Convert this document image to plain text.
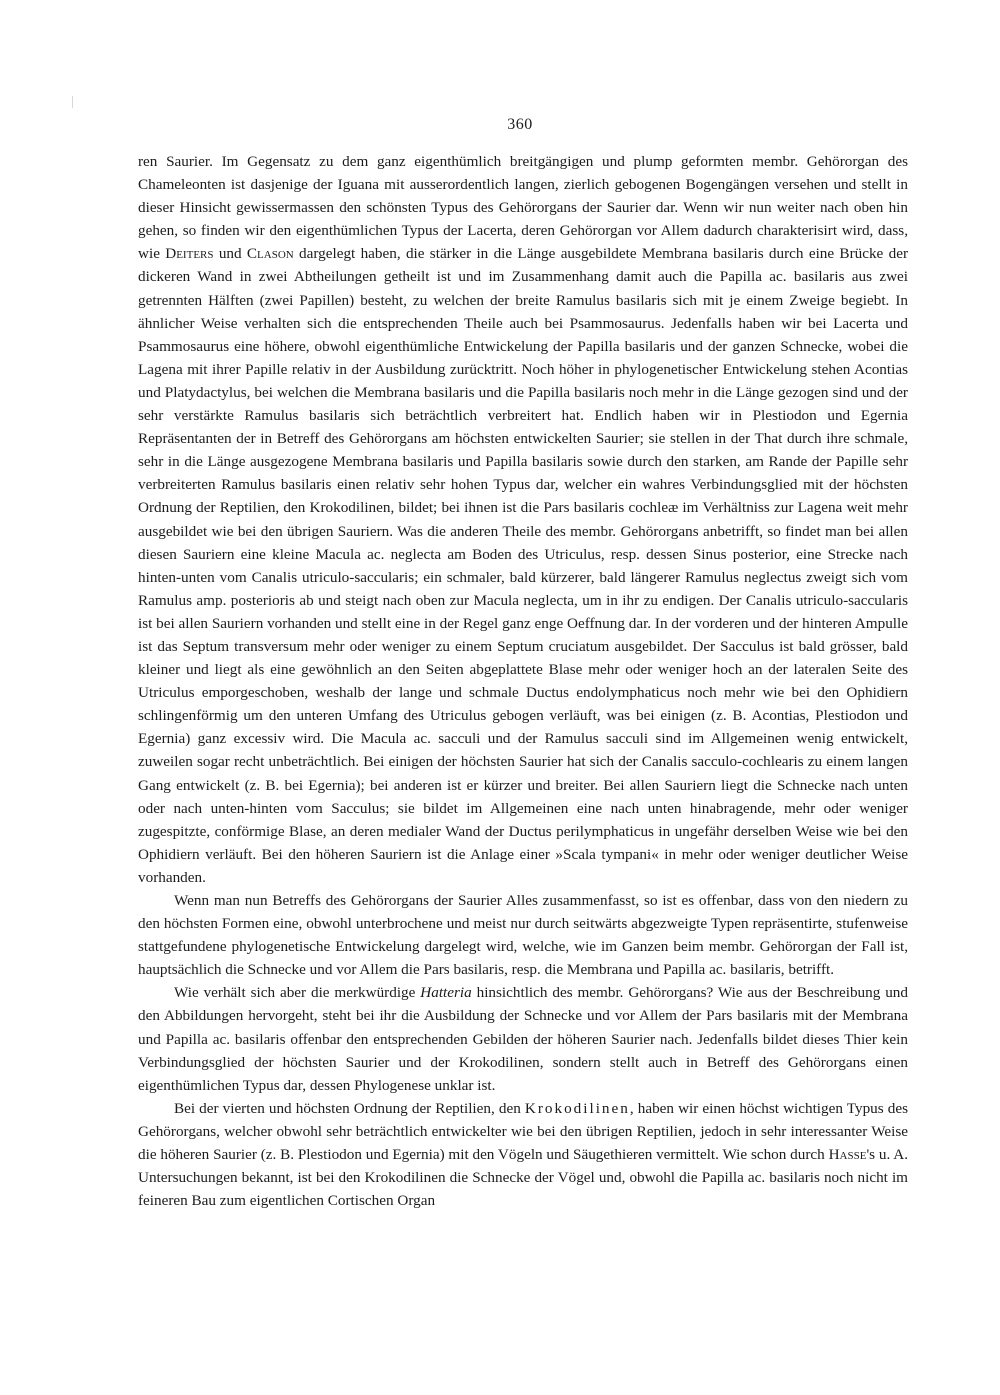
360

ren Saurier. Im Gegensatz zu dem ganz eigenthümlich breitgängigen und plump geformten membr. Gehörorgan des Chameleonten ist dasjenige der Iguana mit ausserordentlich langen, zierlich gebogenen Bogengängen versehen und stellt in dieser Hinsicht gewissermassen den schönsten Typus des Gehörorgans der Saurier dar. Wenn wir nun weiter nach oben hin gehen, so finden wir den eigenthümlichen Typus der Lacerta, deren Gehörorgan vor Allem dadurch charakterisirt wird, dass, wie Deiters und Clason dargelegt haben, die stärker in die Länge ausgebildete Membrana basilaris durch eine Brücke der dickeren Wand in zwei Abtheilungen getheilt ist und im Zusammenhang damit auch die Papilla ac. basilaris aus zwei getrennten Hälften (zwei Papillen) besteht, zu welchen der breite Ramulus basilaris sich mit je einem Zweige begiebt. In ähnlicher Weise verhalten sich die entsprechenden Theile auch bei Psammosaurus. Jedenfalls haben wir bei Lacerta und Psammosaurus eine höhere, obwohl eigenthümliche Entwickelung der Papilla basilaris und der ganzen Schnecke, wobei die Lagena mit ihrer Papille relativ in der Ausbildung zurücktritt. Noch höher in phylogenetischer Entwickelung stehen Acontias und Platydactylus, bei welchen die Membrana basilaris und die Papilla basilaris noch mehr in die Länge gezogen sind und der sehr verstärkte Ramulus basilaris sich beträchtlich verbreitert hat. Endlich haben wir in Plestiodon und Egernia Repräsentanten der in Betreff des Gehörorgans am höchsten entwickelten Saurier; sie stellen in der That durch ihre schmale, sehr in die Länge ausgezogene Membrana basilaris und Papilla basilaris sowie durch den starken, am Rande der Papille sehr verbreiterten Ramulus basilaris einen relativ sehr hohen Typus dar, welcher ein wahres Verbindungsglied mit der höchsten Ordnung der Reptilien, den Krokodilinen, bildet; bei ihnen ist die Pars basilaris cochleæ im Verhältniss zur Lagena weit mehr ausgebildet wie bei den übrigen Sauriern. Was die anderen Theile des membr. Gehörorgans anbetrifft, so findet man bei allen diesen Sauriern eine kleine Macula ac. neglecta am Boden des Utriculus, resp. dessen Sinus posterior, eine Strecke nach hinten-unten vom Canalis utriculo-saccularis; ein schmaler, bald kürzerer, bald längerer Ramulus neglectus zweigt sich vom Ramulus amp. posterioris ab und steigt nach oben zur Macula neglecta, um in ihr zu endigen. Der Canalis utriculo-saccularis ist bei allen Sauriern vorhanden und stellt eine in der Regel ganz enge Oeffnung dar. In der vorderen und der hinteren Ampulle ist das Septum transversum mehr oder weniger zu einem Septum cruciatum ausgebildet. Der Sacculus ist bald grösser, bald kleiner und liegt als eine gewöhnlich an den Seiten abgeplattete Blase mehr oder weniger hoch an der lateralen Seite des Utriculus emporgeschoben, weshalb der lange und schmale Ductus endolymphaticus noch mehr wie bei den Ophidiern schlingenförmig um den unteren Umfang des Utriculus gebogen verläuft, was bei einigen (z. B. Acontias, Plestiodon und Egernia) ganz excessiv wird. Die Macula ac. sacculi und der Ramulus sacculi sind im Allgemeinen wenig entwickelt, zuweilen sogar recht unbeträchtlich. Bei einigen der höchsten Saurier hat sich der Canalis sacculo-cochlearis zu einem langen Gang entwickelt (z. B. bei Egernia); bei anderen ist er kürzer und breiter. Bei allen Sauriern liegt die Schnecke nach unten oder nach unten-hinten vom Sacculus; sie bildet im Allgemeinen eine nach unten hinabragende, mehr oder weniger zugespitzte, conförmige Blase, an deren medialer Wand der Ductus perilymphaticus in ungefähr derselben Weise wie bei den Ophidiern verläuft. Bei den höheren Sauriern ist die Anlage einer »Scala tympani« in mehr oder weniger deutlicher Weise vorhanden.

Wenn man nun Betreffs des Gehörorgans der Saurier Alles zusammenfasst, so ist es offenbar, dass von den niedern zu den höchsten Formen eine, obwohl unterbrochene und meist nur durch seitwärts abgezweigte Typen repräsentirte, stufenweise stattgefundene phylogenetische Entwickelung dargelegt wird, welche, wie im Ganzen beim membr. Gehörorgan der Fall ist, hauptsächlich die Schnecke und vor Allem die Pars basilaris, resp. die Membrana und Papilla ac. basilaris, betrifft.

Wie verhält sich aber die merkwürdige Hatteria hinsichtlich des membr. Gehörorgans? Wie aus der Beschreibung und den Abbildungen hervorgeht, steht bei ihr die Ausbildung der Schnecke und vor Allem der Pars basilaris mit der Membrana und Papilla ac. basilaris offenbar den entsprechenden Gebilden der höheren Saurier nach. Jedenfalls bildet dieses Thier kein Verbindungsglied der höchsten Saurier und der Krokodilinen, sondern stellt auch in Betreff des Gehörorgans einen eigenthümlichen Typus dar, dessen Phylogenese unklar ist.

Bei der vierten und höchsten Ordnung der Reptilien, den Krokodilinen, haben wir einen höchst wichtigen Typus des Gehörorgans, welcher obwohl sehr beträchtlich entwickelter wie bei den übrigen Reptilien, jedoch in sehr interessanter Weise die höheren Saurier (z. B. Plestiodon und Egernia) mit den Vögeln und Säugethieren vermittelt. Wie schon durch Hasse's u. A. Untersuchungen bekannt, ist bei den Krokodilinen die Schnecke der Vögel und, obwohl die Papilla ac. basilaris noch nicht im feineren Bau zum eigentlichen Cortischen Organ
